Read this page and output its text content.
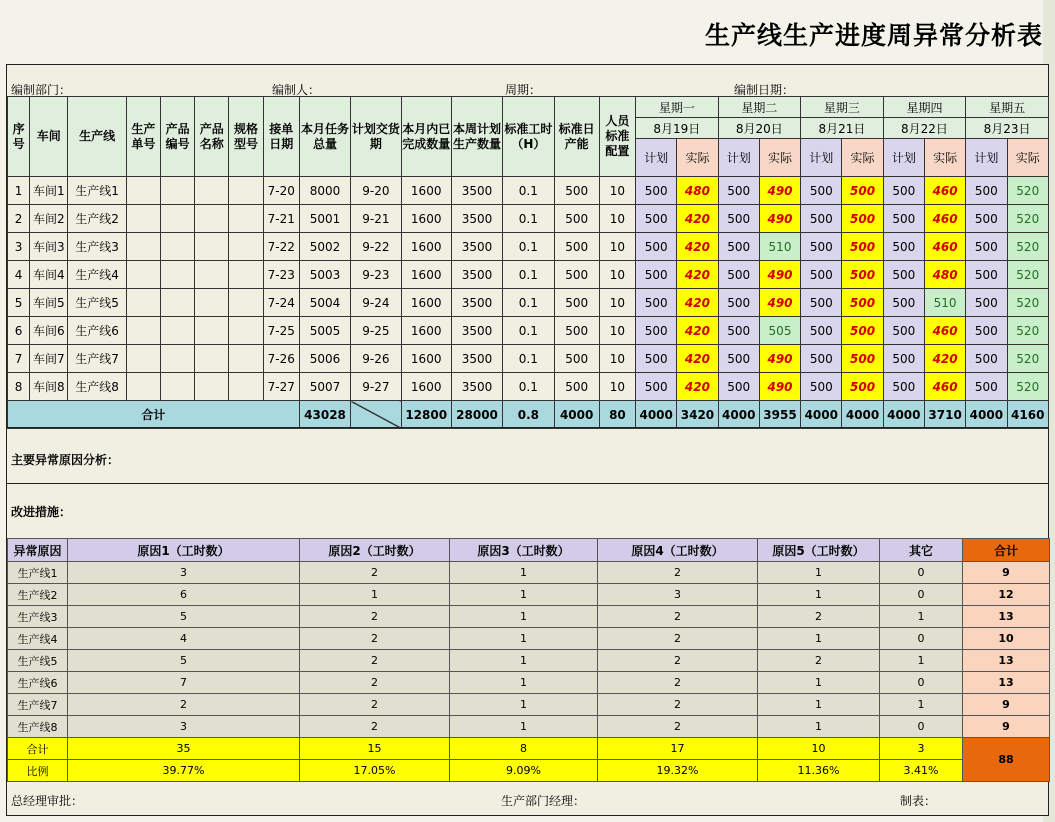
生产线生产进度周异常分析表
编制部门：	编制人：	周期：	编制日期：
序号	车间	生产线	生产单号	产品编号	产品名称	规格型号	接单日期	本月任务总量	计划交货期	本月内已完成数量	本周计划生产数量	标准工时（H）	标准日产能	人员标准配置	星期一		星期二		星期三		星期四		星期五	
															8月19日		8月20日		8月21日		8月22日		8月23日	
															计划	实际	计划	实际	计划	实际	计划	实际	计划	实际
1	车间1	生产线1					7-20	8000	9-20	1600	3500	0.1	500	10	500	480	500	490	500	500	500	460	500	520
2	车间2	生产线2					7-21	5001	9-21	1600	3500	0.1	500	10	500	420	500	490	500	500	500	460	500	520
3	车间3	生产线3					7-22	5002	9-22	1600	3500	0.1	500	10	500	420	500	510	500	500	500	460	500	520
4	车间4	生产线4					7-23	5003	9-23	1600	3500	0.1	500	10	500	420	500	490	500	500	500	480	500	520
5	车间5	生产线5					7-24	5004	9-24	1600	3500	0.1	500	10	500	420	500	490	500	500	500	510	500	520
6	车间6	生产线6					7-25	5005	9-25	1600	3500	0.1	500	10	500	420	500	505	500	500	500	460	500	520
7	车间7	生产线7					7-26	5006	9-26	1600	3500	0.1	500	10	500	420	500	490	500	500	500	420	500	520
8	车间8	生产线8					7-27	5007	9-27	1600	3500	0.1	500	10	500	420	500	490	500	500	500	460	500	520
合计								43028		12800	28000	0.8	4000	80	4000	3420	4000	3955	4000	4000	4000	3710	4000	4160
主要异常原因分析：
改进措施：
异常原因	原因1（工时数）	原因2（工时数）	原因3（工时数）	原因4（工时数）	原因5（工时数）	其它	合计
生产线1	3	2	1	2	1	0	9
生产线2	6	1	1	3	1	0	12
生产线3	5	2	1	2	2	1	13
生产线4	4	2	1	2	1	0	10
生产线5	5	2	1	2	2	1	13
生产线6	7	2	1	2	1	0	13
生产线7	2	2	1	2	1	1	9
生产线8	3	2	1	2	1	0	9
合计	35	15	8	17	10	3	88
比例	39.77%	17.05%	9.09%	19.32%	11.36%	3.41%	
总经理审批：	生产部门经理：	制表：
